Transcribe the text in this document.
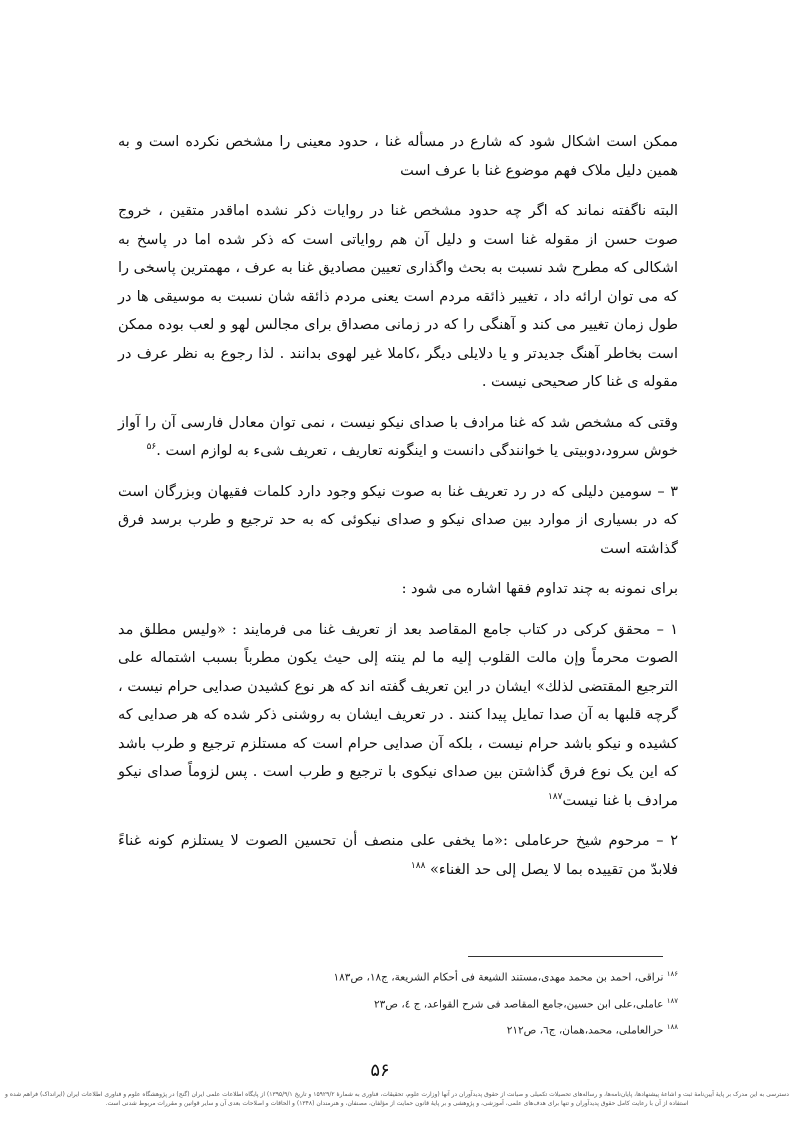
ممکن است اشکال شود که شارع در مسأله غنا ، حدود معینی را مشخص نکرده است و به همین دلیل ملاک فهم موضوع غنا با عرف است

البته ناگفته نماند که اگر چه حدود مشخص غنا در روایات ذکر نشده اماقدر متقین ، خروج صوت حسن از مقوله غنا است و دلیل آن هم روایاتی است که ذکر شده اما در پاسخ به اشکالی که مطرح شد نسبت به بحث واگذاری تعیین مصادیق غنا به عرف ، مهمترین پاسخی را که می توان ارائه داد ، تغییر ذائقه مردم است یعنی مردم ذائقه شان نسبت به موسیقی ها در طول زمان تغییر می کند و آهنگی را که در زمانی مصداق برای مجالس لهو و لعب بوده ممکن است بخاطر آهنگ جدیدتر و یا دلایلی دیگر ،کاملا غیر لهوی بدانند . لذا رجوع به نظر عرف در مقوله ی غنا کار صحیحی نیست .

وقتی که مشخص شد که غنا مرادف با صدای نیکو نیست ، نمی توان معادل فارسی آن را آواز خوش سرود،دوبیتی یا خوانندگی دانست و اینگونه تعاریف ، تعریف شیء به لوازم است .$^{۵۶}$

۳ – سومین دلیلی که در رد تعریف غنا به صوت نیکو وجود دارد کلمات فقیهان وبزرگان است که در بسیاری از موارد بین صدای نیکو و صدای نیکوئی که به حد ترجیع و طرب برسد فرق گذاشته است

برای نمونه به چند تداوم فقها اشاره می شود :

۱ – محقق کرکی در کتاب جامع المقاصد بعد از تعریف غنا می فرمایند : «ولیس مطلق مد الصوت محرماً وإن مالت القلوب إليه ما لم ينته إلى حيث يكون مطرباً بسبب اشتماله على الترجيع المقتضى لذلك» ایشان در این تعریف گفته اند که هر نوع کشیدن صدایی حرام نیست ، گرچه قلبها به آن صدا تمایل پیدا کنند . در تعریف ایشان به روشنی ذکر شده که هر صدایی که کشیده و نیکو باشد حرام نیست ، بلکه آن صدایی حرام است که مستلزم ترجیع و طرب باشد که این یک نوع فرق گذاشتن بین صدای نیکوی با ترجیع و طرب است . پس لزوماً صدای نیکو مرادف با غنا نیست$^{۱۸۷}$

۲ – مرحوم شیخ حرعاملی :«ما يخفى على منصف أن تحسين الصوت لا يستلزم كونه غناءً فلابدّ من تقييده بما لا يصل إلى حد الغناء» $^{۱۸۸}$

$^{۱۸۶}$ نراقی، احمد بن محمد مهدی،مستند الشیعة فی أحکام الشریعة، ج۱۸، ص۱۸۳

$^{۱۸۷}$ عاملی،علی ابن حسین،جامع المقاصد فی شرح القواعد، ج ٤، ص۲۳

$^{۱۸۸}$ حرالعاملی، محمد،همان، ج٦، ص۲۱۲

۵۶
دسترسی به این مدرک بر پایهٔ آیین‌نامهٔ ثبت و اشاعهٔ پیشنهادها، پایان‌نامه‌ها، و رساله‌های تحصیلات تکمیلی و صیانت از حقوق پدیدآوران در آنها (وزارت علوم، تحقیقات، فناوری به شمارهٔ ۱۵۹۲۹/۲ و تاریخ ۱۳۹۵/۹/۱) از پایگاه اطلاعات علمی ایران (گنج) در پژوهشگاه علوم و فناوری اطلاعات ایران (ایرانداک) فراهم شده و استفاده از آن با رعایت کامل حقوق پدیدآوران و تنها برای هدف‌های علمی، آموزشی، و پژوهشی و بر پایهٔ قانون حمایت از مؤلفان، مصنفان، و هنرمندان (۱۳۴۸) و الحاقات و اصلاحات بعدی آن و سایر قوانین و مقررات مربوط شدنی است.
